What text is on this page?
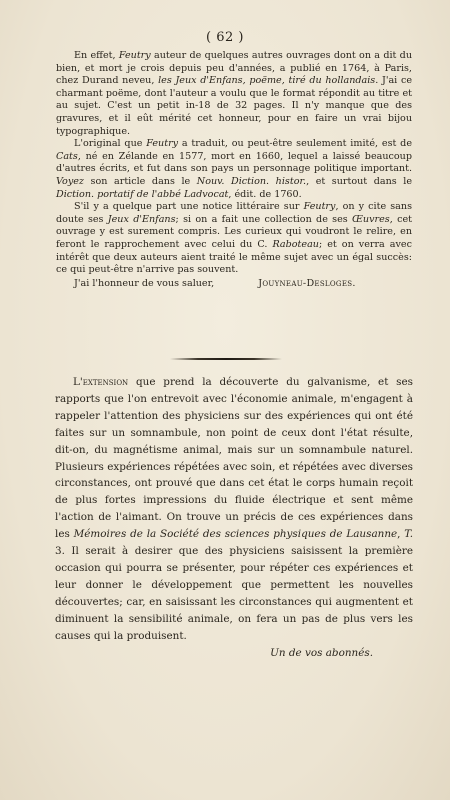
( 62 )

En effet, Feutry auteur de quelques autres ouvrages dont on a dit du bien, et mort je crois depuis peu d'années, a publié en 1764, à Paris, chez Durand neveu, les Jeux d'Enfans, poëme, tiré du hollandais. J'ai ce charmant poëme, dont l'auteur a voulu que le format répondit au titre et au sujet. C'est un petit in-18 de 32 pages. Il n'y manque que des gravures, et il eût mérité cet honneur, pour en faire un vrai bijou typographique.

L'original que Feutry a traduit, ou peut-être seulement imité, est de Cats, né en Zélande en 1577, mort en 1660, lequel a laissé beaucoup d'autres écrits, et fut dans son pays un personnage politique important. Voyez son article dans le Nouv. Diction. histor., et surtout dans le Diction. portatif de l'abbé Ladvocat, édit. de 1760.

S'il y a quelque part une notice littéraire sur Feutry, on y cite sans doute ses Jeux d'Enfans; si on a fait une collection de ses Œuvres, cet ouvrage y est surement compris. Les curieux qui voudront le relire, en feront le rapprochement avec celui du C. Raboteau; et on verra avec intérêt que deux auteurs aient traité le même sujet avec un égal succès: ce qui peut-être n'arrive pas souvent.

J'ai l'honneur de vous saluer,	Jouyneau-Desloges.

L'extension que prend la découverte du galvanisme, et ses rapports que l'on entrevoit avec l'économie animale, m'engagent à rappeler l'attention des physiciens sur des expériences qui ont été faites sur un somnambule, non point de ceux dont l'état résulte, dit-on, du magnétisme animal, mais sur un somnambule naturel. Plusieurs expériences répétées avec soin, et répétées avec diverses circonstances, ont prouvé que dans cet état le corps humain reçoit de plus fortes impressions du fluide électrique et sent même l'action de l'aimant. On trouve un précis de ces expériences dans les Mémoires de la Société des sciences physiques de Lausanne, T. 3. Il serait à desirer que des physiciens saisissent la première occasion qui pourra se présenter, pour répéter ces expériences et leur donner le développement que permettent les nouvelles découvertes; car, en saisissant les circonstances qui augmentent et diminuent la sensibilité animale, on fera un pas de plus vers les causes qui la produisent.

Un de vos abonnés.
